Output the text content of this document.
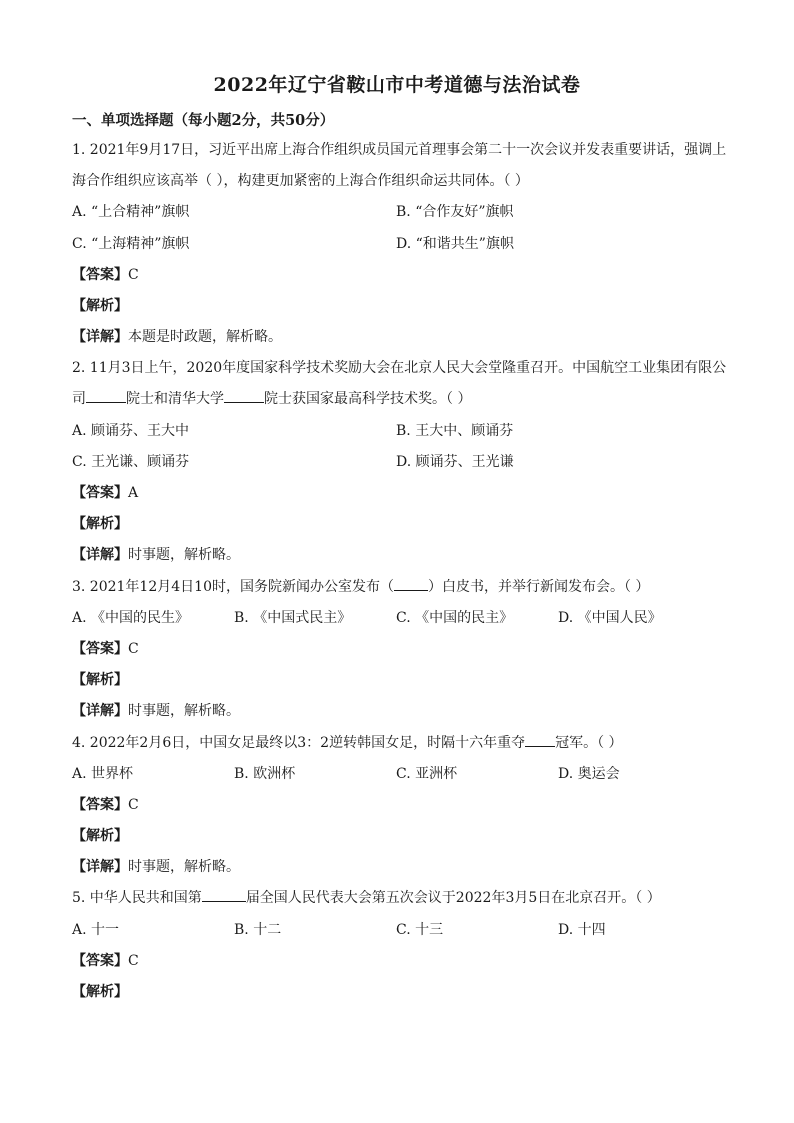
2022年辽宁省鞍山市中考道德与法治试卷
一、单项选择题（每小题2分，共50分）
1. 2021年9月17日，习近平出席上海合作组织成员国元首理事会第二十一次会议并发表重要讲话，强调上
海合作组织应该高举（ ），构建更加紧密的上海合作组织命运共同体。（ ）
A. “上合精神”旗帜	B. “合作友好”旗帜
C. “上海精神”旗帜	D. “和谐共生”旗帜
【答案】C
【解析】
【详解】本题是时政题，解析略。
2. 11月3日上午，2020年度国家科学技术奖励大会在北京人民大会堂隆重召开。中国航空工业集团有限公
司	院士和清华大学	院士获国家最高科学技术奖。（ ）
A. 顾诵芬、王大中	B. 王大中、顾诵芬
C. 王光谦、顾诵芬	D. 顾诵芬、王光谦
【答案】A
【解析】
【详解】时事题，解析略。
3. 2021年12月4日10时，国务院新闻办公室发布（ ）白皮书，并举行新闻发布会。（ ）
A. 《中国的民生》	B. 《中国式民主》	C. 《中国的民主》	D. 《中国人民》
【答案】C
【解析】
【详解】时事题，解析略。
4. 2022年2月6日，中国女足最终以3：2逆转韩国女足，时隔十六年重夺 冠军。（ ）
A. 世界杯	B. 欧洲杯	C. 亚洲杯	D. 奥运会
【答案】C
【解析】
【详解】时事题，解析略。
5. 中华人民共和国第	届全国人民代表大会第五次会议于2022年3月5日在北京召开。（ ）
A. 十一	B. 十二	C. 十三	D. 十四
【答案】C
【解析】
